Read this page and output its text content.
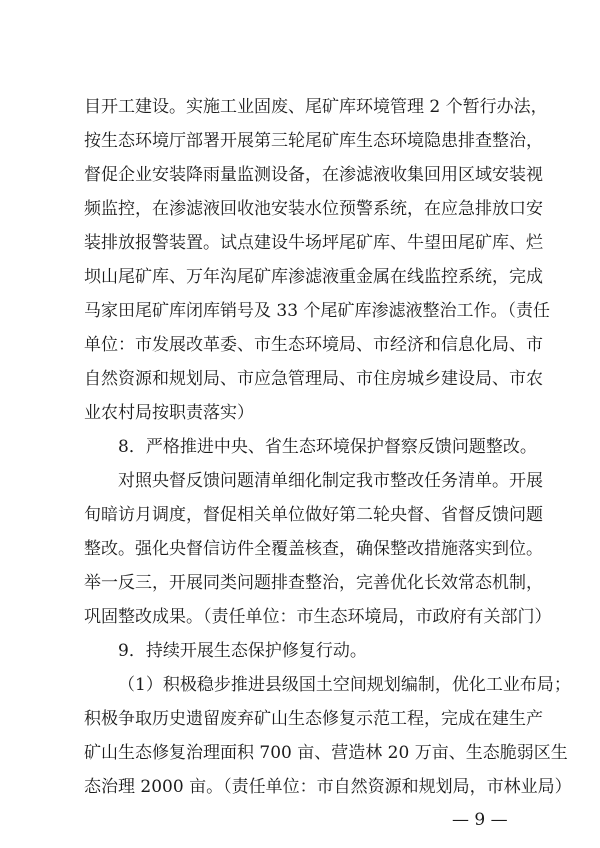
目开工建设。实施工业固废、尾矿库环境管理 2 个暂行办法，
按生态环境厅部署开展第三轮尾矿库生态环境隐患排查整治，
督促企业安装降雨量监测设备，在渗滤液收集回用区域安装视
频监控，在渗滤液回收池安装水位预警系统，在应急排放口安
装排放报警装置。试点建设牛场坪尾矿库、牛望田尾矿库、烂
坝山尾矿库、万年沟尾矿库渗滤液重金属在线监控系统，完成
马家田尾矿库闭库销号及 33 个尾矿库渗滤液整治工作。（责任
单位：市发展改革委、市生态环境局、市经济和信息化局、市
自然资源和规划局、市应急管理局、市住房城乡建设局、市农
业农村局按职责落实）
8．严格推进中央、省生态环境保护督察反馈问题整改。
对照央督反馈问题清单细化制定我市整改任务清单。开展
旬暗访月调度，督促相关单位做好第二轮央督、省督反馈问题
整改。强化央督信访件全覆盖核查，确保整改措施落实到位。
举一反三，开展同类问题排查整治，完善优化长效常态机制，
巩固整改成果。（责任单位：市生态环境局，市政府有关部门）
9．持续开展生态保护修复行动。
（1）积极稳步推进县级国土空间规划编制，优化工业布局；
积极争取历史遗留废弃矿山生态修复示范工程，完成在建生产
矿山生态修复治理面积 700 亩、营造林 20 万亩、生态脆弱区生
态治理 2000 亩。（责任单位：市自然资源和规划局，市林业局）
— 9 —
